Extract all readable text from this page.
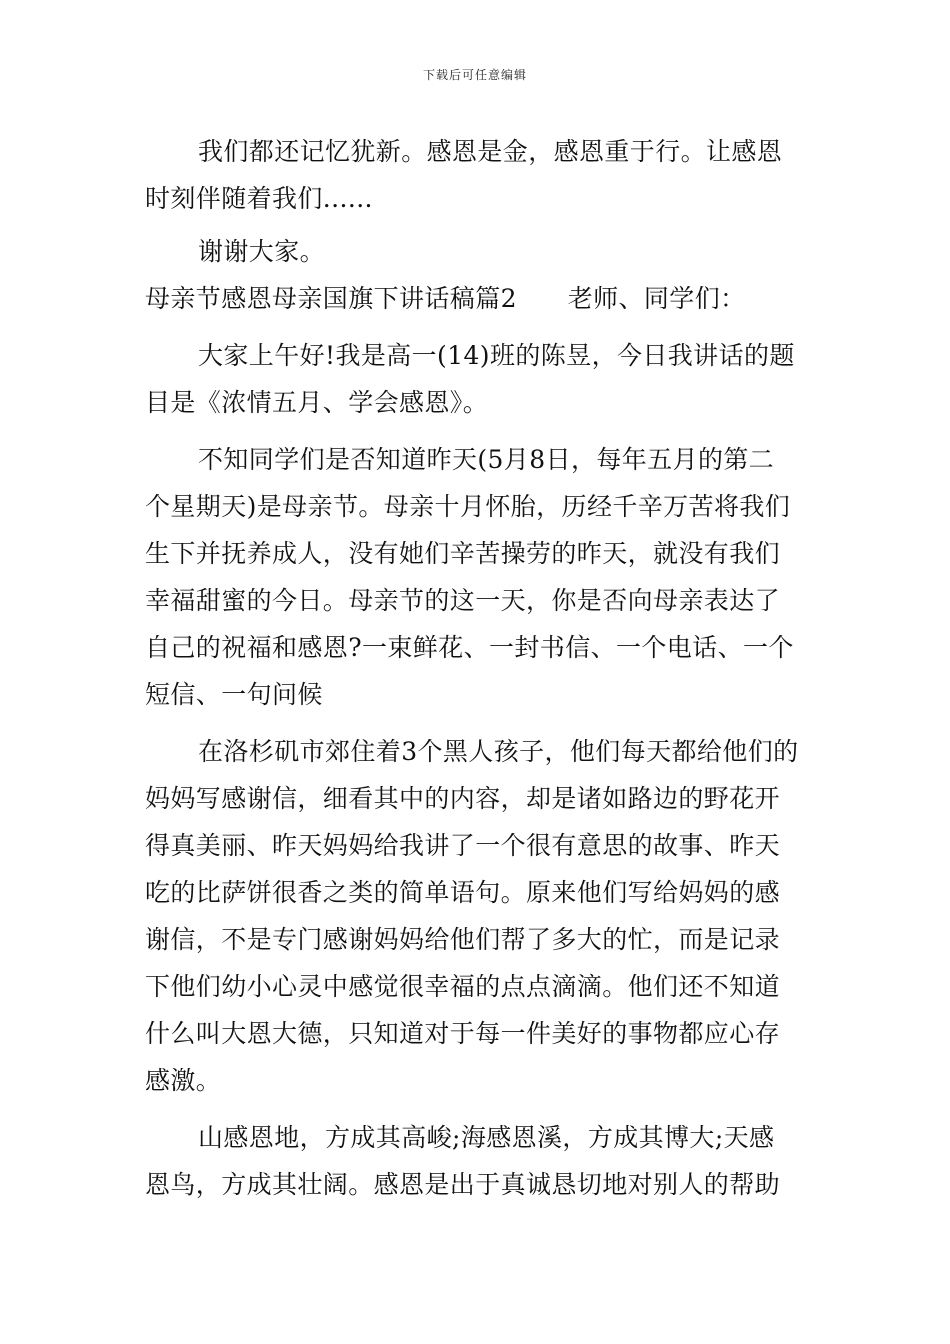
下载后可任意编辑
我们都还记忆犹新。感恩是金，感恩重于行。让感恩
时刻伴随着我们......
谢谢大家。
母亲节感恩母亲国旗下讲话稿篇2　　老师、同学们：
大家上午好!我是高一(14)班的陈昱，今日我讲话的题
目是《浓情五月、学会感恩》。
不知同学们是否知道昨天(5月8日，每年五月的第二
个星期天)是母亲节。母亲十月怀胎，历经千辛万苦将我们
生下并抚养成人，没有她们辛苦操劳的昨天，就没有我们
幸福甜蜜的今日。母亲节的这一天，你是否向母亲表达了
自己的祝福和感恩?一束鲜花、一封书信、一个电话、一个
短信、一句问候
在洛杉矶市郊住着3个黑人孩子，他们每天都给他们的
妈妈写感谢信，细看其中的内容，却是诸如路边的野花开
得真美丽、昨天妈妈给我讲了一个很有意思的故事、昨天
吃的比萨饼很香之类的简单语句。原来他们写给妈妈的感
谢信，不是专门感谢妈妈给他们帮了多大的忙，而是记录
下他们幼小心灵中感觉很幸福的点点滴滴。他们还不知道
什么叫大恩大德，只知道对于每一件美好的事物都应心存
感激。
山感恩地，方成其高峻;海感恩溪，方成其博大;天感
恩鸟，方成其壮阔。感恩是出于真诚恳切地对别人的帮助
